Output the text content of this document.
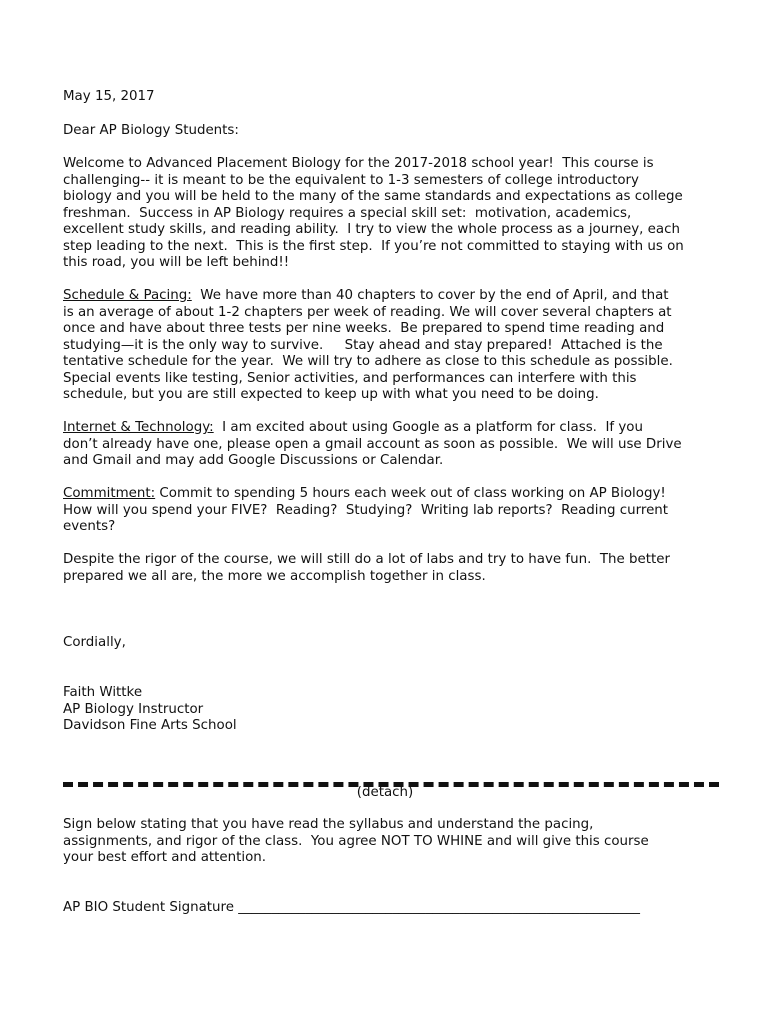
May 15, 2017
Dear AP Biology Students:
Welcome to Advanced Placement Biology for the 2017-2018 school year!  This course is
challenging-- it is meant to be the equivalent to 1-3 semesters of college introductory
biology and you will be held to the many of the same standards and expectations as college
freshman.  Success in AP Biology requires a special skill set:  motivation, academics,
excellent study skills, and reading ability.  I try to view the whole process as a journey, each
step leading to the next.  This is the first step.  If you’re not committed to staying with us on
this road, you will be left behind!!
Schedule & Pacing:  We have more than 40 chapters to cover by the end of April, and that
is an average of about 1-2 chapters per week of reading. We will cover several chapters at
once and have about three tests per nine weeks.  Be prepared to spend time reading and
studying—it is the only way to survive.     Stay ahead and stay prepared!  Attached is the
tentative schedule for the year.  We will try to adhere as close to this schedule as possible.
Special events like testing, Senior activities, and performances can interfere with this
schedule, but you are still expected to keep up with what you need to be doing.
Internet & Technology:  I am excited about using Google as a platform for class.  If you
don’t already have one, please open a gmail account as soon as possible.  We will use Drive
and Gmail and may add Google Discussions or Calendar.
Commitment: Commit to spending 5 hours each week out of class working on AP Biology!
How will you spend your FIVE?  Reading?  Studying?  Writing lab reports?  Reading current
events?
Despite the rigor of the course, we will still do a lot of labs and try to have fun.  The better
prepared we all are, the more we accomplish together in class.
Cordially,
Faith Wittke
AP Biology Instructor
Davidson Fine Arts School
(detach)
Sign below stating that you have read the syllabus and understand the pacing,
assignments, and rigor of the class.  You agree NOT TO WHINE and will give this course
your best effort and attention.
AP BIO Student Signature ____________________________________________________________
